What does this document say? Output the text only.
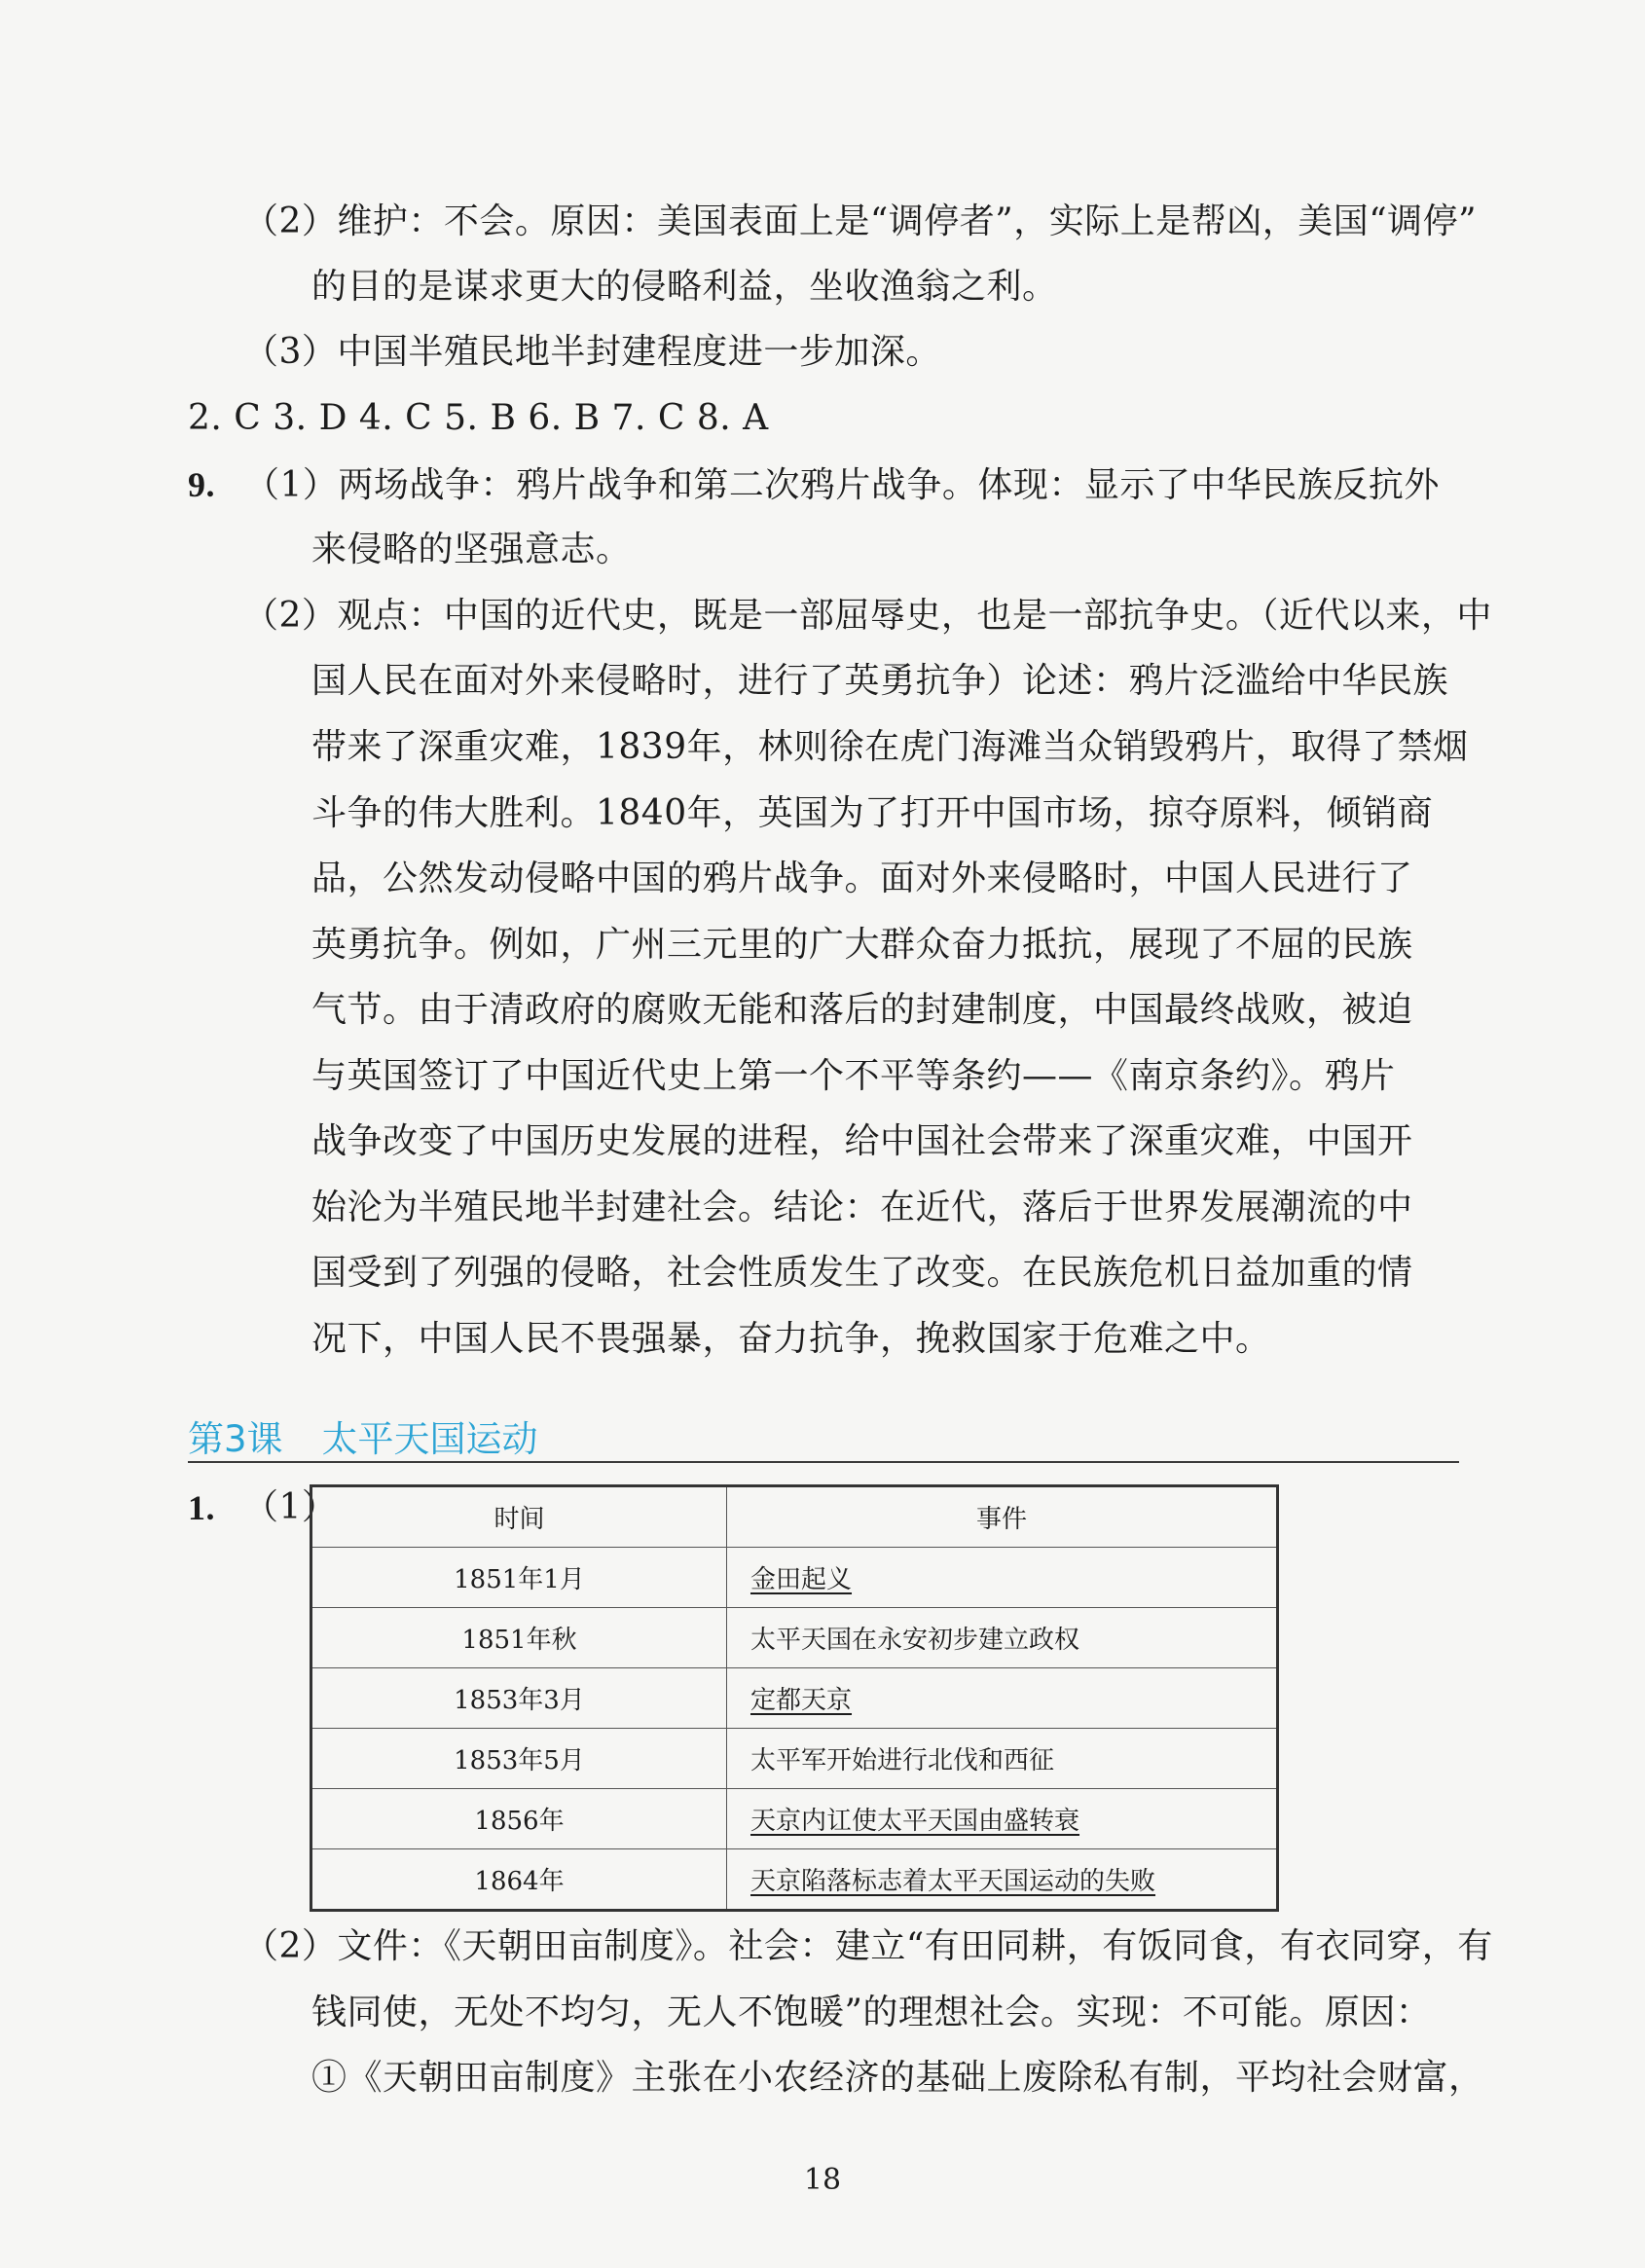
（2）维护：不会。原因：美国表面上是“调停者”，实际上是帮凶，美国“调停”
的目的是谋求更大的侵略利益，坐收渔翁之利。
（3）中国半殖民地半封建程度进一步加深。
2. C 3. D 4. C 5. B 6. B 7. C 8. A
9. （1）两场战争：鸦片战争和第二次鸦片战争。体现：显示了中华民族反抗外
来侵略的坚强意志。
（2）观点：中国的近代史，既是一部屈辱史，也是一部抗争史。（近代以来，中
国人民在面对外来侵略时，进行了英勇抗争）论述：鸦片泛滥给中华民族
带来了深重灾难，1839年，林则徐在虎门海滩当众销毁鸦片，取得了禁烟
斗争的伟大胜利。1840年，英国为了打开中国市场，掠夺原料，倾销商
品，公然发动侵略中国的鸦片战争。面对外来侵略时，中国人民进行了
英勇抗争。例如，广州三元里的广大群众奋力抵抗，展现了不屈的民族
气节。由于清政府的腐败无能和落后的封建制度，中国最终战败，被迫
与英国签订了中国近代史上第一个不平等条约——《南京条约》。鸦片
战争改变了中国历史发展的进程，给中国社会带来了深重灾难，中国开
始沦为半殖民地半封建社会。结论：在近代，落后于世界发展潮流的中
国受到了列强的侵略，社会性质发生了改变。在民族危机日益加重的情
况下，中国人民不畏强暴，奋力抗争，挽救国家于危难之中。
第3课 太平天国运动
1. （1）	时间	事件
1851年1月	金田起义
1851年秋	太平天国在永安初步建立政权
1853年3月	定都天京
1853年5月	太平军开始进行北伐和西征
1856年	天京内讧使太平天国由盛转衰
1864年	天京陷落标志着太平天国运动的失败
（2）文件：《天朝田亩制度》。社会：建立“有田同耕，有饭同食，有衣同穿，有
钱同使，无处不均匀，无人不饱暖”的理想社会。实现：不可能。原因：
①《天朝田亩制度》主张在小农经济的基础上废除私有制，平均社会财富，
18
